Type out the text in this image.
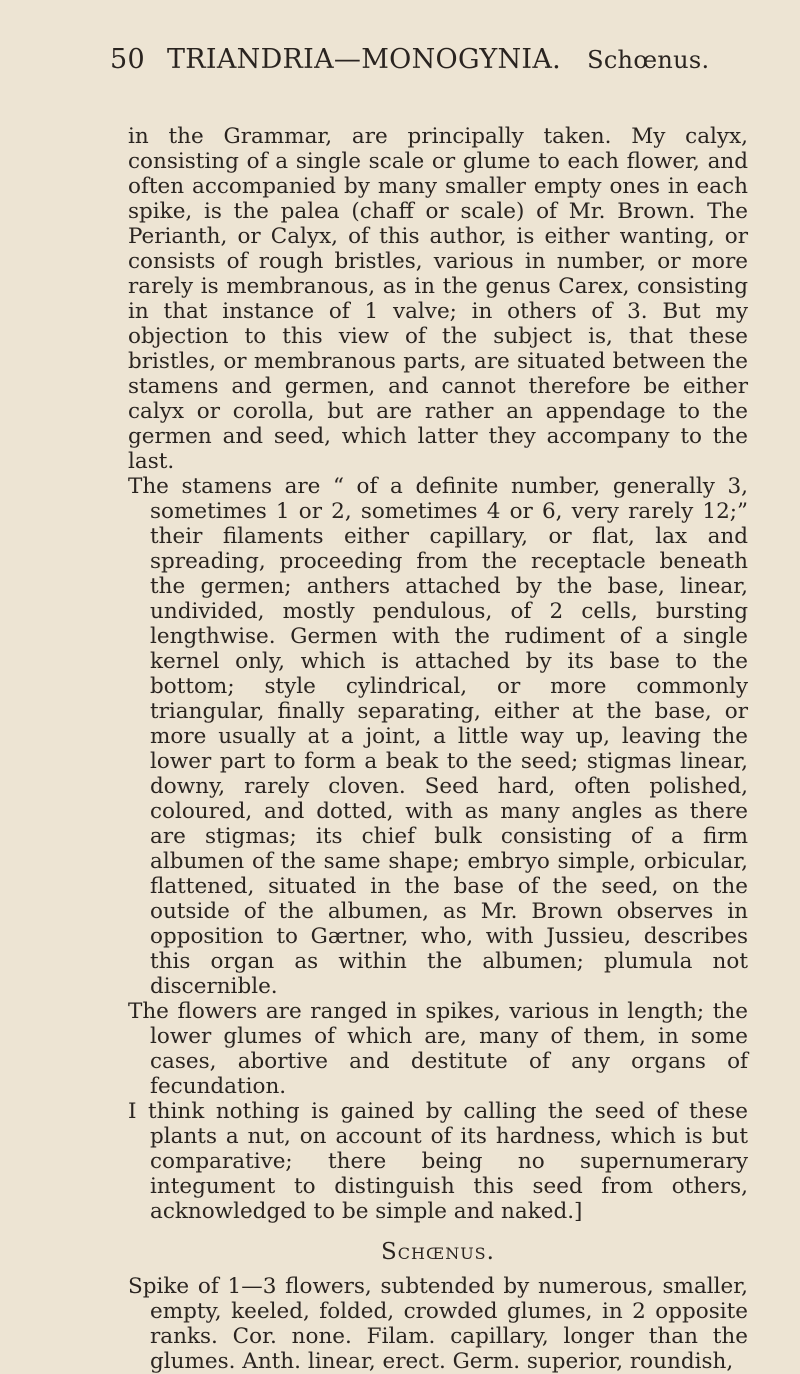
50 TRIANDRIA—MONOGYNIA. Schœnus.

in the Grammar, are principally taken. My calyx, consisting of a single scale or glume to each flower, and often accompanied by many smaller empty ones in each spike, is the palea (chaff or scale) of Mr. Brown. The Perianth, or Calyx, of this author, is either wanting, or consists of rough bristles, various in number, or more rarely is membranous, as in the genus Carex, consisting in that instance of 1 valve; in others of 3. But my objection to this view of the subject is, that these bristles, or membranous parts, are situated between the stamens and germen, and cannot therefore be either calyx or corolla, but are rather an appendage to the germen and seed, which latter they accompany to the last.

The stamens are “ of a definite number, generally 3, sometimes 1 or 2, sometimes 4 or 6, very rarely 12;” their filaments either capillary, or flat, lax and spreading, proceeding from the receptacle beneath the germen; anthers attached by the base, linear, undivided, mostly pendulous, of 2 cells, bursting lengthwise. Germen with the rudiment of a single kernel only, which is attached by its base to the bottom; style cylindrical, or more commonly triangular, finally separating, either at the base, or more usually at a joint, a little way up, leaving the lower part to form a beak to the seed; stigmas linear, downy, rarely cloven. Seed hard, often polished, coloured, and dotted, with as many angles as there are stigmas; its chief bulk consisting of a firm albumen of the same shape; embryo simple, orbicular, flattened, situated in the base of the seed, on the outside of the albumen, as Mr. Brown observes in opposition to Gærtner, who, with Jussieu, describes this organ as within the albumen; plumula not discernible.

The flowers are ranged in spikes, various in length; the lower glumes of which are, many of them, in some cases, abortive and destitute of any organs of fecundation.

I think nothing is gained by calling the seed of these plants a nut, on account of its hardness, which is but comparative; there being no supernumerary integument to distinguish this seed from others, acknowledged to be simple and naked.]

Schœnus.

Spike of 1—3 flowers, subtended by numerous, smaller, empty, keeled, folded, crowded glumes, in 2 opposite ranks. Cor. none. Filam. capillary, longer than the glumes. Anth. linear, erect. Germ. superior, roundish,
